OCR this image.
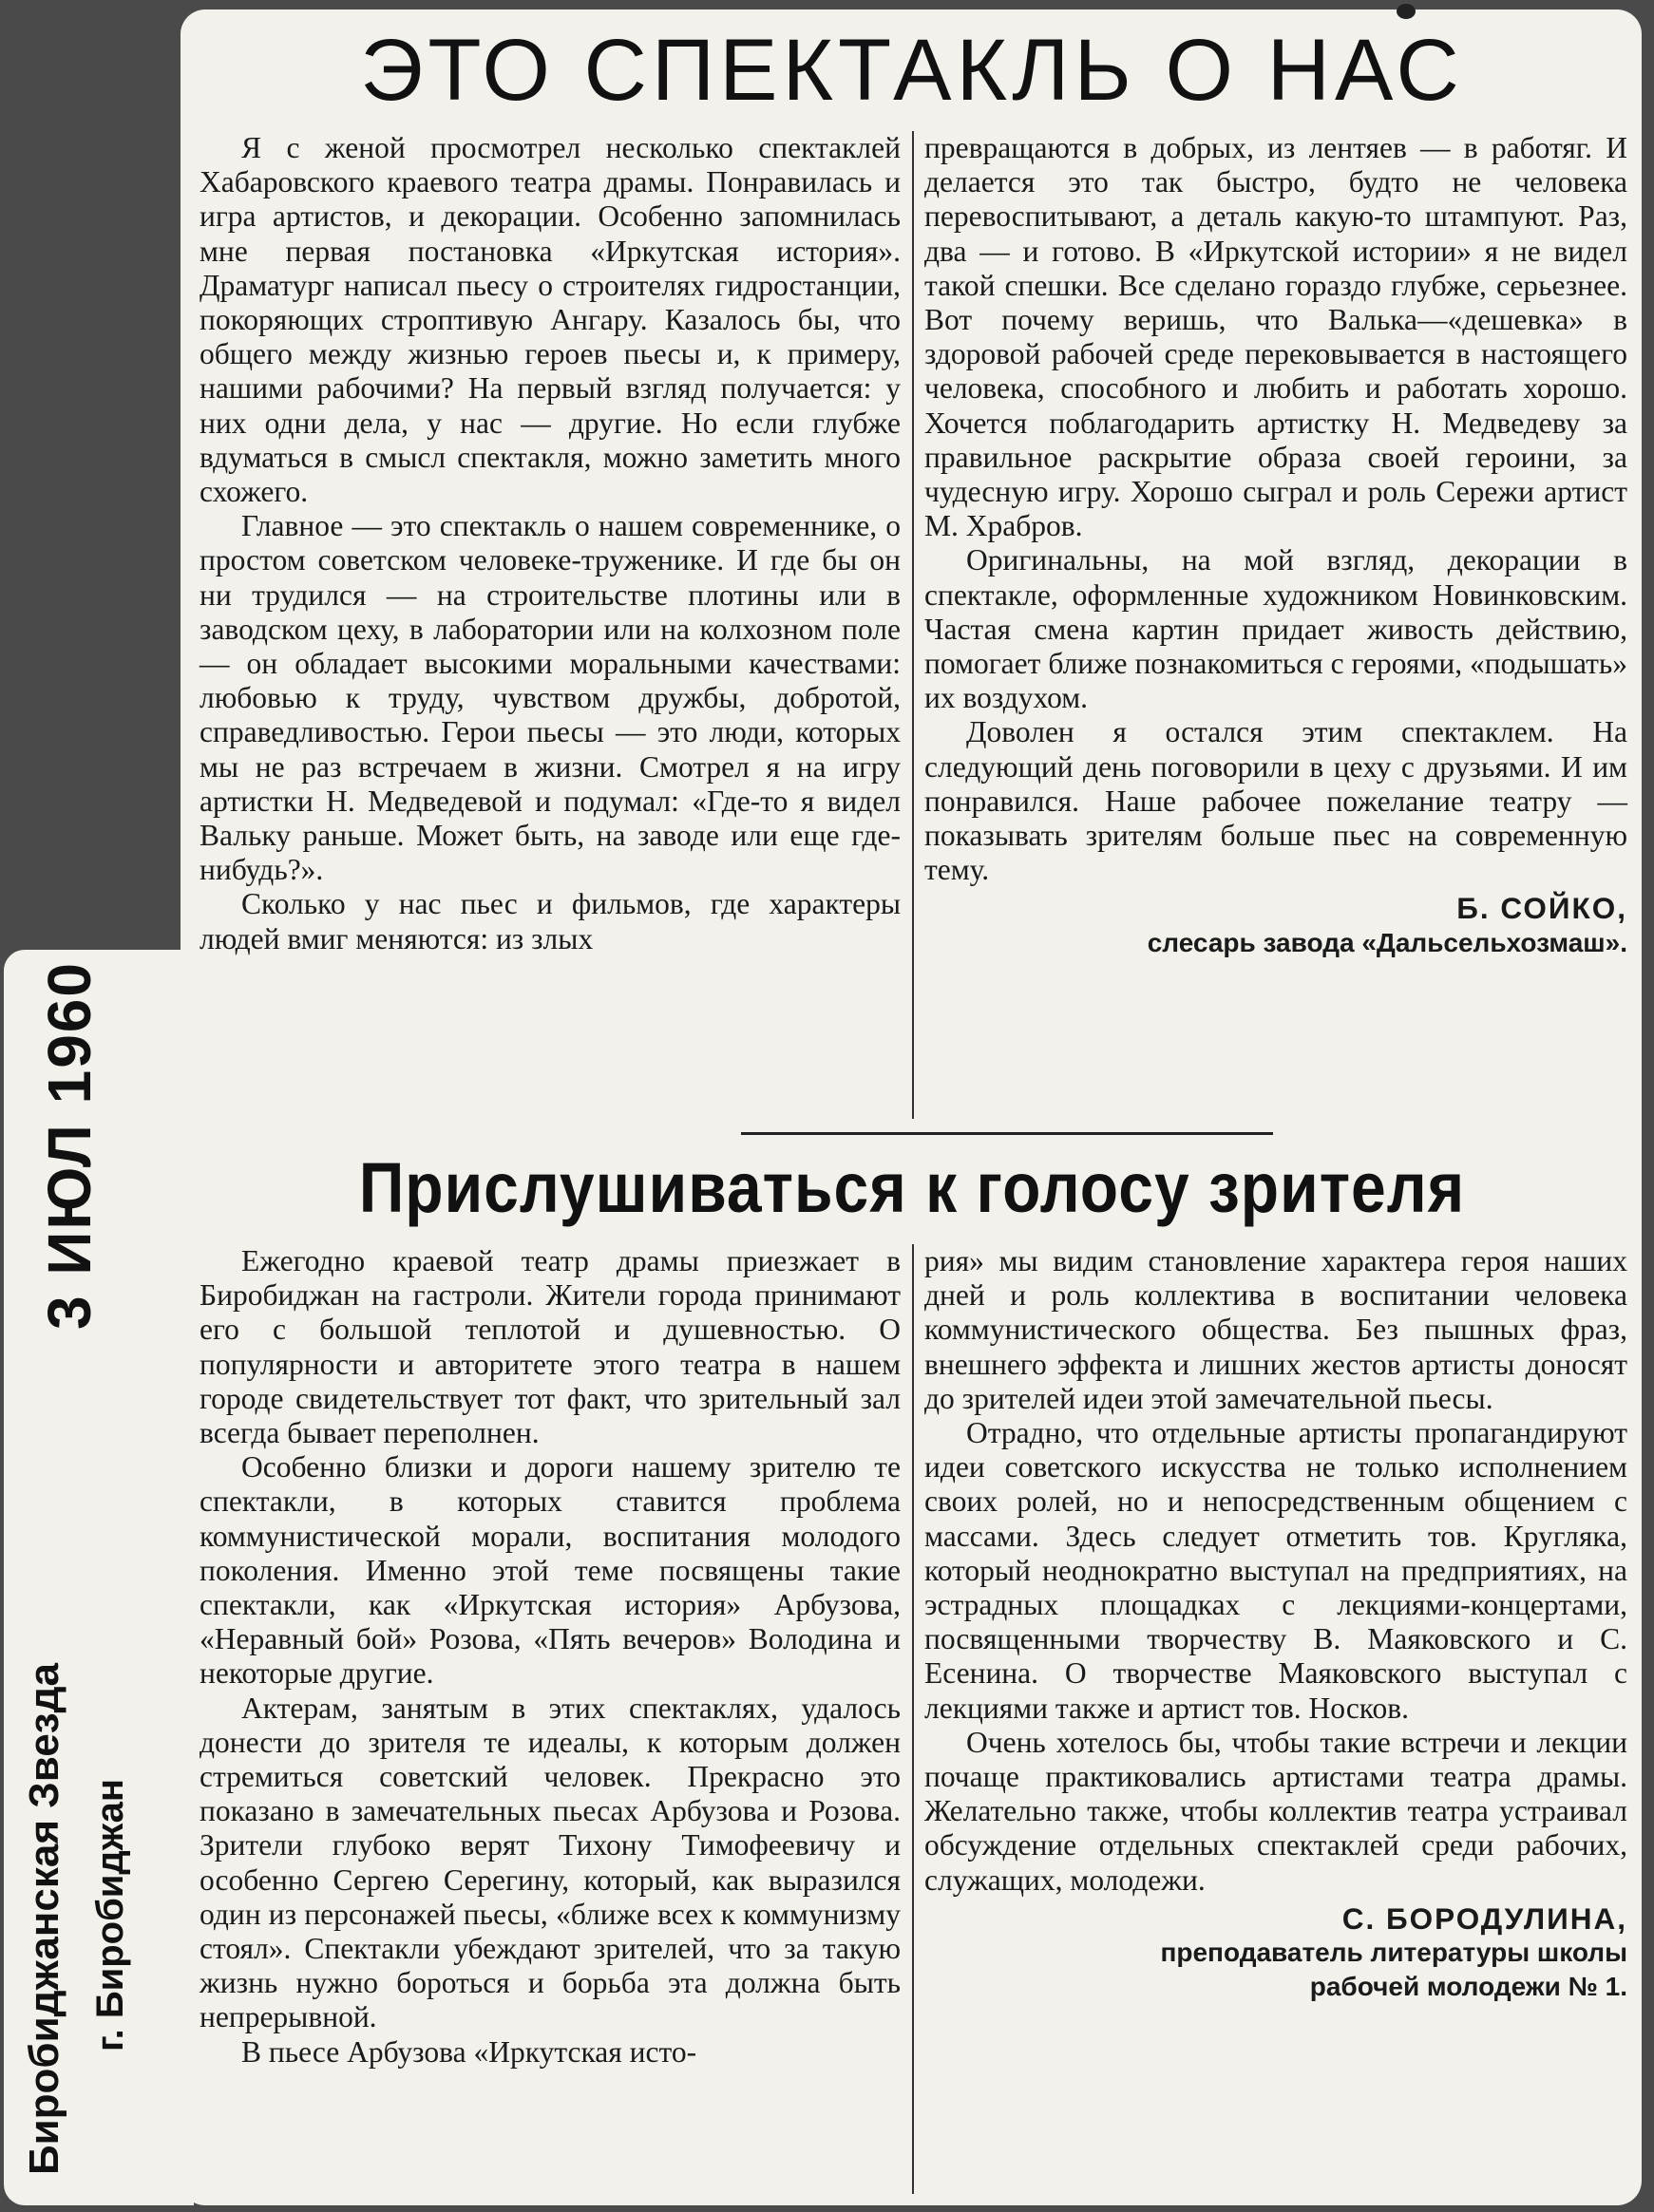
3 ИЮЛ 1960
Биробиджанская Звезда г. Биробиджан
ЭТО СПЕКТАКЛЬ О НАС

Я с женой просмотрел несколько спектаклей Хабаровского краевого театра драмы. Понравилась и игра артистов, и декорации. Особенно запомнилась мне первая постановка «Иркутская история». Драматург написал пьесу о строителях гидростанции, покоряющих строптивую Ангару. Казалось бы, что общего между жизнью героев пьесы и, к примеру, нашими рабочими? На первый взгляд получается: у них одни дела, у нас — другие. Но если глубже вдуматься в смысл спектакля, можно заметить много схожего.

Главное — это спектакль о нашем современнике, о простом советском человеке-труженике. И где бы он ни трудился — на строительстве плотины или в заводском цеху, в лаборатории или на колхозном поле — он обладает высокими моральными качествами: любовью к труду, чувством дружбы, добротой, справедливостью. Герои пьесы — это люди, которых мы не раз встречаем в жизни. Смотрел я на игру артистки Н. Медведевой и подумал: «Где-то я видел Вальку раньше. Может быть, на заводе или еще где-нибудь?».

Сколько у нас пьес и фильмов, где характеры людей вмиг меняются: из злых

превращаются в добрых, из лентяев — в работяг. И делается это так быстро, будто не человека перевоспитывают, а деталь какую-то штампуют. Раз, два — и готово. В «Иркутской истории» я не видел такой спешки. Все сделано гораздо глубже, серьезнее. Вот почему веришь, что Валька—«дешевка» в здоровой рабочей среде перековывается в настоящего человека, способного и любить и работать хорошо. Хочется поблагодарить артистку Н. Медведеву за правильное раскрытие образа своей героини, за чудесную игру. Хорошо сыграл и роль Сережи артист М. Храбров.

Оригинальны, на мой взгляд, декорации в спектакле, оформленные художником Новинковским. Частая смена картин придает живость действию, помогает ближе познакомиться с героями, «подышать» их воздухом.

Доволен я остался этим спектаклем. На следующий день поговорили в цеху с друзьями. И им понравился. Наше рабочее пожелание театру — показывать зрителям больше пьес на современную тему.

Б. СОЙКО,
слесарь завода «Дальсельхозмаш».
Прислушиваться к голосу зрителя

Ежегодно краевой театр драмы приезжает в Биробиджан на гастроли. Жители города принимают его с большой теплотой и душевностью. О популярности и авторитете этого театра в нашем городе свидетельствует тот факт, что зрительный зал всегда бывает переполнен.

Особенно близки и дороги нашему зрителю те спектакли, в которых ставится проблема коммунистической морали, воспитания молодого поколения. Именно этой теме посвящены такие спектакли, как «Иркутская история» Арбузова, «Неравный бой» Розова, «Пять вечеров» Володина и некоторые другие.

Актерам, занятым в этих спектаклях, удалось донести до зрителя те идеалы, к которым должен стремиться советский человек. Прекрасно это показано в замечательных пьесах Арбузова и Розова. Зрители глубоко верят Тихону Тимофеевичу и особенно Сергею Серегину, который, как выразился один из персонажей пьесы, «ближе всех к коммунизму стоял». Спектакли убеждают зрителей, что за такую жизнь нужно бороться и борьба эта должна быть непрерывной.

В пьесе Арбузова «Иркутская исто-

рия» мы видим становление характера героя наших дней и роль коллектива в воспитании человека коммунистического общества. Без пышных фраз, внешнего эффекта и лишних жестов артисты доносят до зрителей идеи этой замечательной пьесы.

Отрадно, что отдельные артисты пропагандируют идеи советского искусства не только исполнением своих ролей, но и непосредственным общением с массами. Здесь следует отметить тов. Кругляка, который неоднократно выступал на предприятиях, на эстрадных площадках с лекциями-концертами, посвященными творчеству В. Маяковского и С. Есенина. О творчестве Маяковского выступал с лекциями также и артист тов. Носков.

Очень хотелось бы, чтобы такие встречи и лекции почаще практиковались артистами театра драмы. Желательно также, чтобы коллектив театра устраивал обсуждение отдельных спектаклей среди рабочих, служащих, молодежи.

С. БОРОДУЛИНА,
преподаватель литературы школы
рабочей молодежи № 1.
